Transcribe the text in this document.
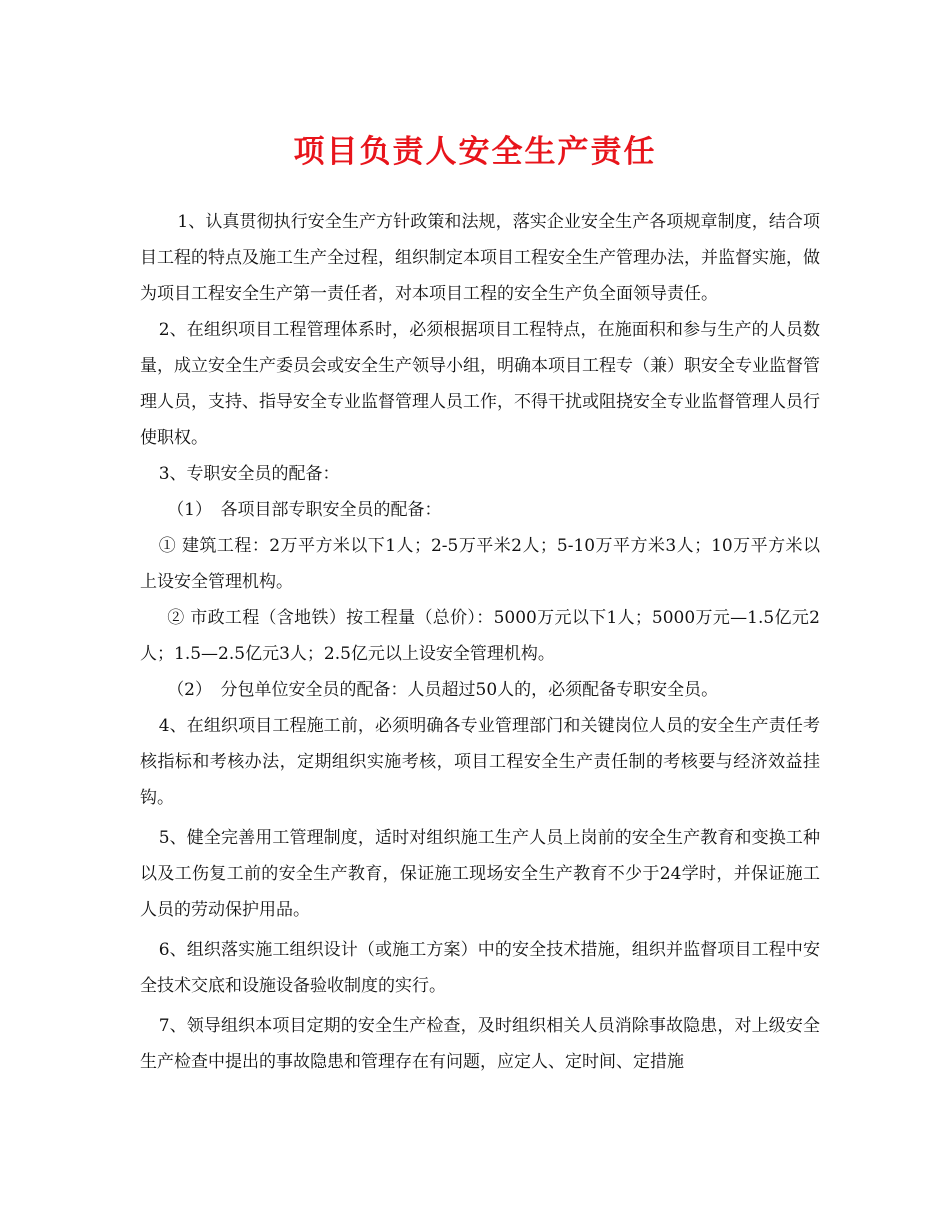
项目负责人安全生产责任

1、认真贯彻执行安全生产方针政策和法规，落实企业安全生产各项规章制度，结合项目工程的特点及施工生产全过程，组织制定本项目工程安全生产管理办法，并监督实施，做为项目工程安全生产第一责任者，对本项目工程的安全生产负全面领导责任。

2、在组织项目工程管理体系时，必须根据项目工程特点，在施面积和参与生产的人员数量，成立安全生产委员会或安全生产领导小组，明确本项目工程专（兼）职安全专业监督管理人员，支持、指导安全专业监督管理人员工作，不得干扰或阻挠安全专业监督管理人员行使职权。

3、专职安全员的配备：

（1）　各项目部专职安全员的配备：

① 建筑工程：2万平方米以下1人；2-5万平米2人；5-10万平方米3人；10万平方米以上设安全管理机构。

② 市政工程（含地铁）按工程量（总价）：5000万元以下1人；5000万元—1.5亿元2人；1.5—2.5亿元3人；2.5亿元以上设安全管理机构。

（2）　分包单位安全员的配备：人员超过50人的，必须配备专职安全员。

4、在组织项目工程施工前，必须明确各专业管理部门和关键岗位人员的安全生产责任考核指标和考核办法，定期组织实施考核，项目工程安全生产责任制的考核要与经济效益挂钩。

5、健全完善用工管理制度，适时对组织施工生产人员上岗前的安全生产教育和变换工种以及工伤复工前的安全生产教育，保证施工现场安全生产教育不少于24学时，并保证施工人员的劳动保护用品。

6、组织落实施工组织设计（或施工方案）中的安全技术措施，组织并监督项目工程中安全技术交底和设施设备验收制度的实行。

7、领导组织本项目定期的安全生产检查，及时组织相关人员消除事故隐患，对上级安全生产检查中提出的事故隐患和管理存在有问题，应定人、定时间、定措施
